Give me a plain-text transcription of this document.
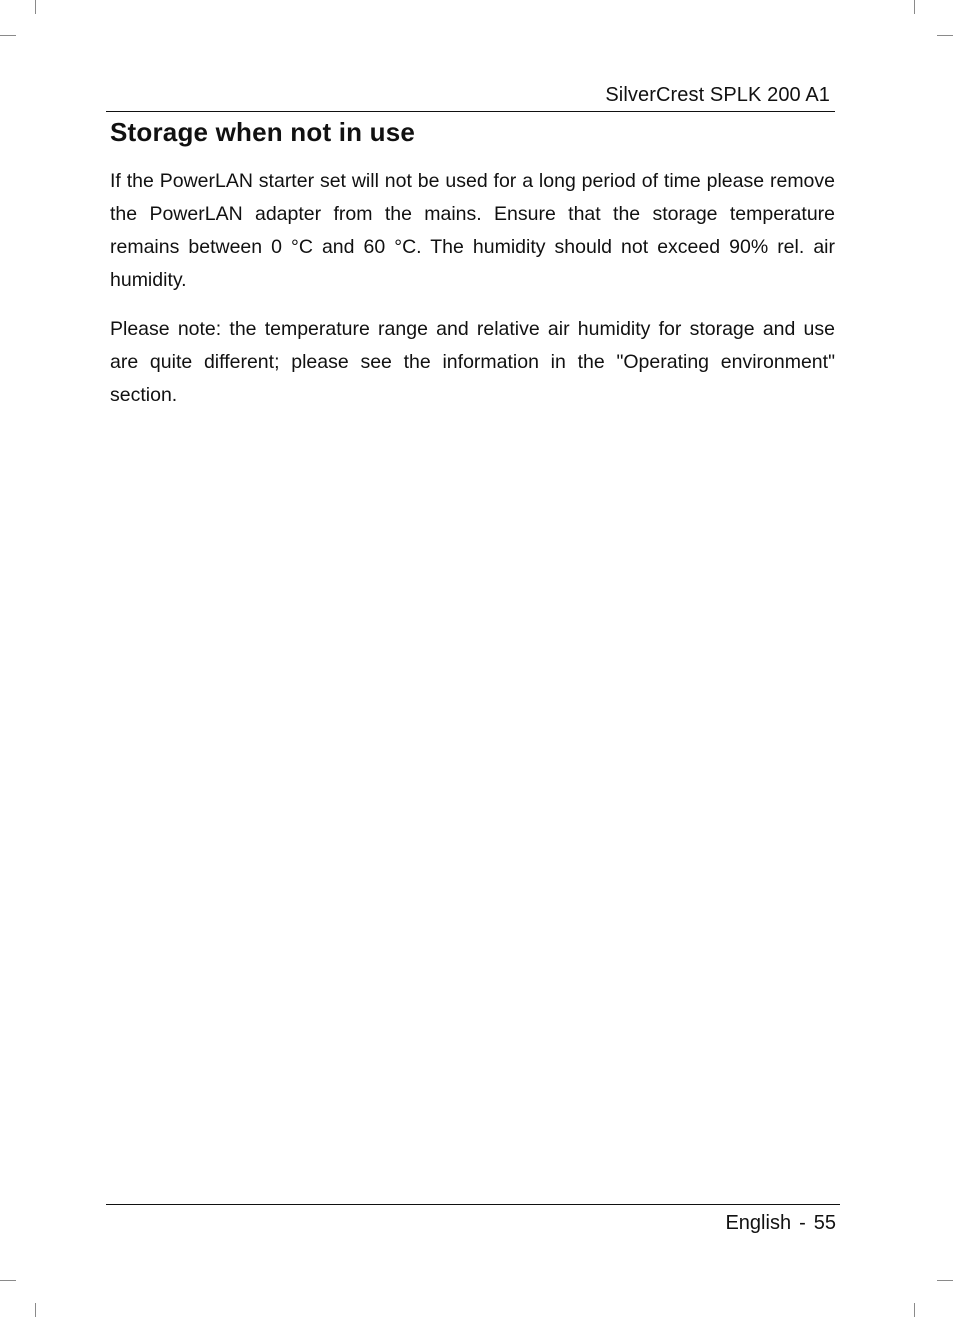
SilverCrest SPLK 200 A1
Storage when not in use

If the PowerLAN starter set will not be used for a long period of time please remove the PowerLAN adapter from the mains. Ensure that the storage temperature remains between 0 °C and 60 °C. The humidity should not exceed 90% rel. air humidity.

Please note: the temperature range and relative air humidity for storage and use are quite different; please see the information in the "Operating environment" section.

English - 55
